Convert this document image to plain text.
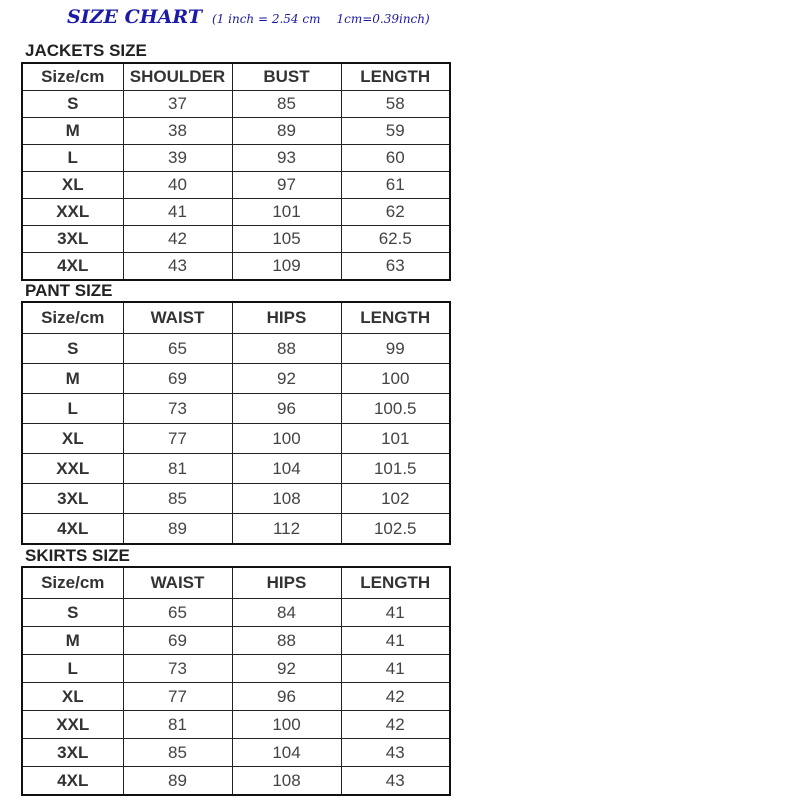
SIZE CHART (1 inch = 2.54 cm 1cm=0.39inch)
JACKETS SIZE
Size/cm	SHOULDER	BUST	LENGTH
S	37	85	58
M	38	89	59
L	39	93	60
XL	40	97	61
XXL	41	101	62
3XL	42	105	62.5
4XL	43	109	63
PANT SIZE
Size/cm	WAIST	HIPS	LENGTH
S	65	88	99
M	69	92	100
L	73	96	100.5
XL	77	100	101
XXL	81	104	101.5
3XL	85	108	102
4XL	89	112	102.5
SKIRTS SIZE
Size/cm	WAIST	HIPS	LENGTH
S	65	84	41
M	69	88	41
L	73	92	41
XL	77	96	42
XXL	81	100	42
3XL	85	104	43
4XL	89	108	43
